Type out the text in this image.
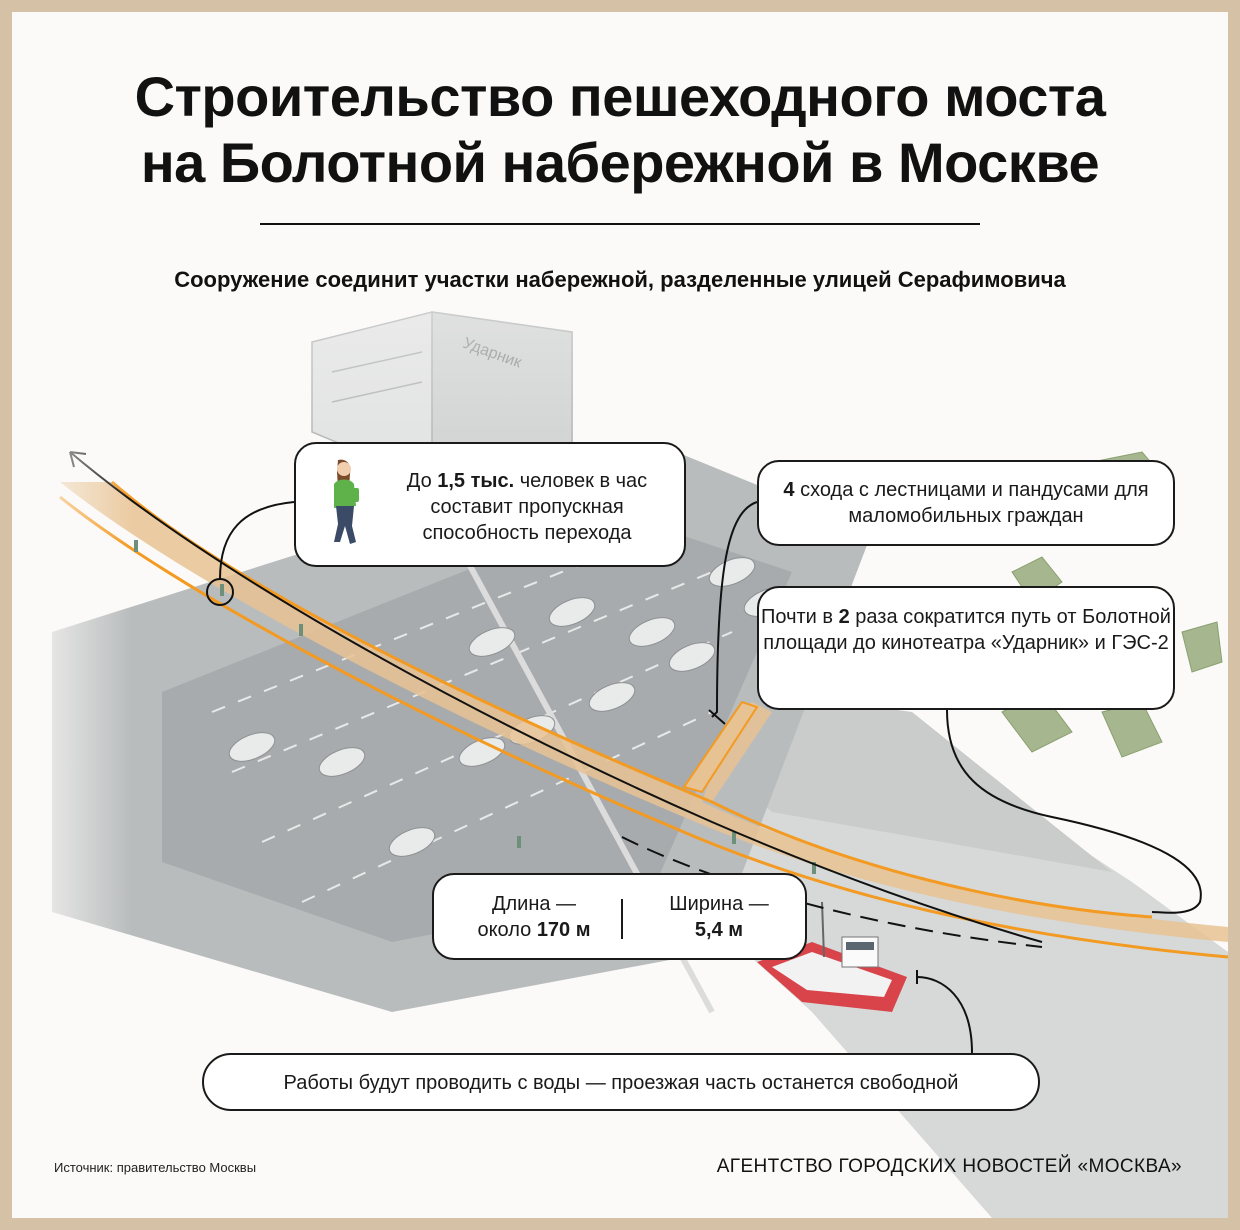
Строительство пешеходного моста
на Болотной набережной в Москве
Сооружение соединит участки набережной, разделенные улицей Серафимовича
До 1,5 тыс. человек в час составит пропускная способность перехода
4 схода с лестницами и пандусами для маломобильных граждан
Почти в 2 раза сократится путь от Болотной площади до кинотеатра «Ударник» и ГЭС-2
Длина —
около 170 м
Ширина —
5,4 м
Работы будут проводить с воды — проезжая часть останется свободной
Источник: правительство Москвы	АГЕНТСТВО ГОРОДСКИХ НОВОСТЕЙ «МОСКВА»
